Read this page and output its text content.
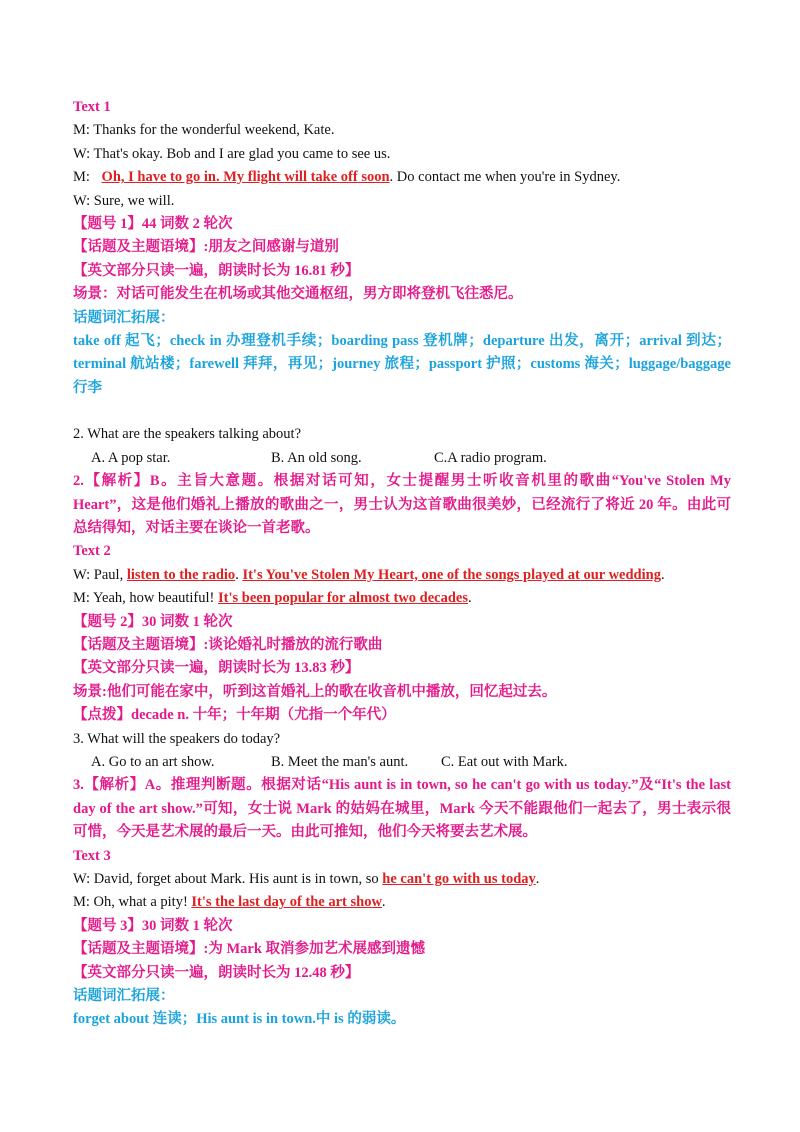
Text 1
M: Thanks for the wonderful weekend, Kate.
W: That's okay. Bob and I are glad you came to see us.
M: Oh, I have to go in. My flight will take off soon. Do contact me when you're in Sydney.
W: Sure, we will.
【题号 1】44 词数 2 轮次
【话题及主题语境】:朋友之间感谢与道别
【英文部分只读一遍，朗读时长为 16.81 秒】
场景：对话可能发生在机场或其他交通枢纽，男方即将登机飞往悉尼。
话题词汇拓展：
take off 起飞；check in 办理登机手续；boarding pass 登机牌；departure 出发，离开；arrival 到达；terminal 航站楼；farewell 拜拜，再见；journey 旅程；passport 护照；customs 海关；luggage/baggage 行李
2. What are the speakers talking about?
A. A pop star.	B. An old song.	C.A radio program.
2.【解析】B。主旨大意题。根据对话可知，女士提醒男士听收音机里的歌曲“You've Stolen My Heart”，这是他们婚礼上播放的歌曲之一，男士认为这首歌曲很美妙，已经流行了将近 20 年。由此可总结得知，对话主要在谈论一首老歌。
Text 2
W: Paul, listen to the radio. It's You've Stolen My Heart, one of the songs played at our wedding.
M: Yeah, how beautiful! It's been popular for almost two decades.
【题号 2】30 词数 1 轮次
【话题及主题语境】:谈论婚礼时播放的流行歌曲
【英文部分只读一遍，朗读时长为 13.83 秒】
场景:他们可能在家中，听到这首婚礼上的歌在收音机中播放，回忆起过去。
【点拨】decade n. 十年；十年期（尤指一个年代）
3. What will the speakers do today?
A. Go to an art show.	B. Meet the man's aunt. C. Eat out with Mark.
3.【解析】A。推理判断题。根据对话“His aunt is in town, so he can't go with us today.”及“It's the last day of the art show.”可知，女士说 Mark 的姑妈在城里，Mark 今天不能跟他们一起去了，男士表示很可惜，今天是艺术展的最后一天。由此可推知，他们今天将要去艺术展。
Text 3
W: David, forget about Mark. His aunt is in town, so he can't go with us today.
M: Oh, what a pity! It's the last day of the art show.
【题号 3】30 词数 1 轮次
【话题及主题语境】:为 Mark 取消参加艺术展感到遗憾
【英文部分只读一遍，朗读时长为 12.48 秒】
话题词汇拓展：
forget about 连读；His aunt is in town.中 is 的弱读。
